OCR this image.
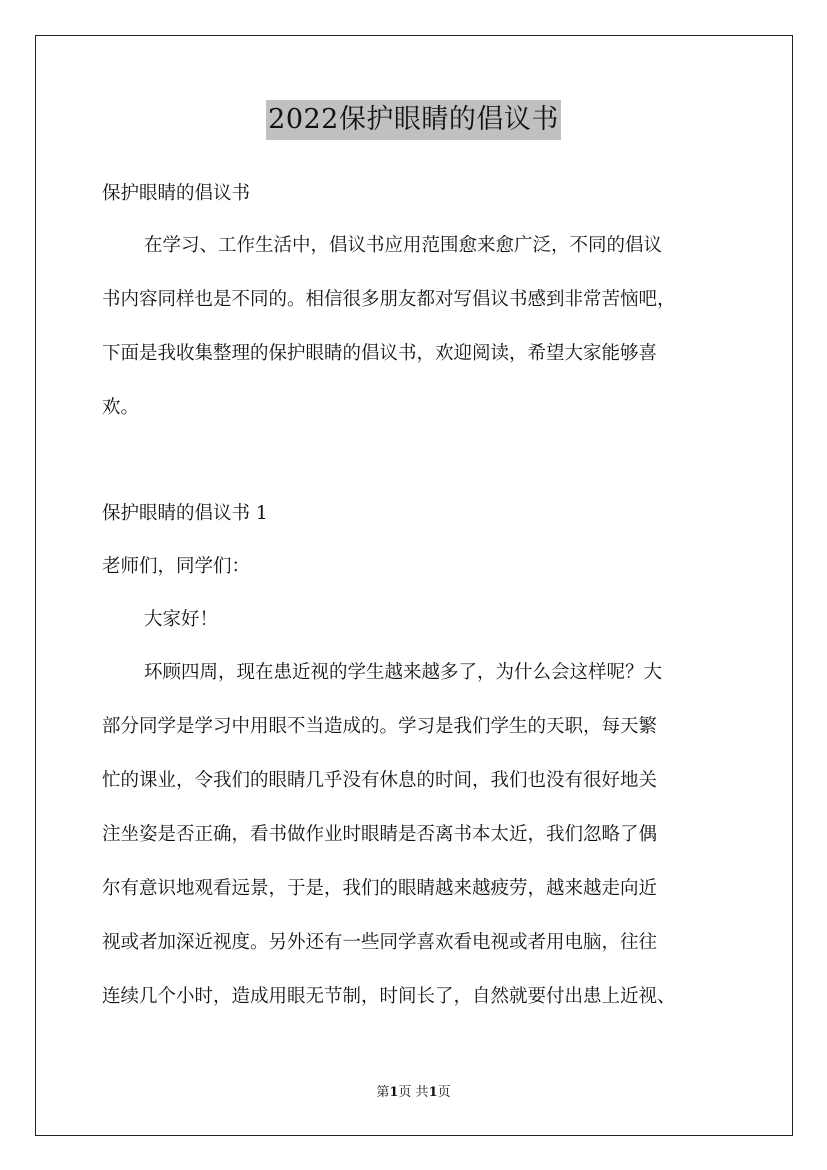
2022保护眼睛的倡议书
保护眼睛的倡议书
在学习、工作生活中，倡议书应用范围愈来愈广泛，不同的倡议
书内容同样也是不同的。相信很多朋友都对写倡议书感到非常苦恼吧，
下面是我收集整理的保护眼睛的倡议书，欢迎阅读，希望大家能够喜
欢。
保护眼睛的倡议书 1
老师们，同学们：
大家好！
环顾四周，现在患近视的学生越来越多了，为什么会这样呢？大
部分同学是学习中用眼不当造成的。学习是我们学生的天职，每天繁
忙的课业，令我们的眼睛几乎没有休息的时间，我们也没有很好地关
注坐姿是否正确，看书做作业时眼睛是否离书本太近，我们忽略了偶
尔有意识地观看远景，于是，我们的眼睛越来越疲劳，越来越走向近
视或者加深近视度。另外还有一些同学喜欢看电视或者用电脑，往往
连续几个小时，造成用眼无节制，时间长了，自然就要付出患上近视、
第1页 共1页
